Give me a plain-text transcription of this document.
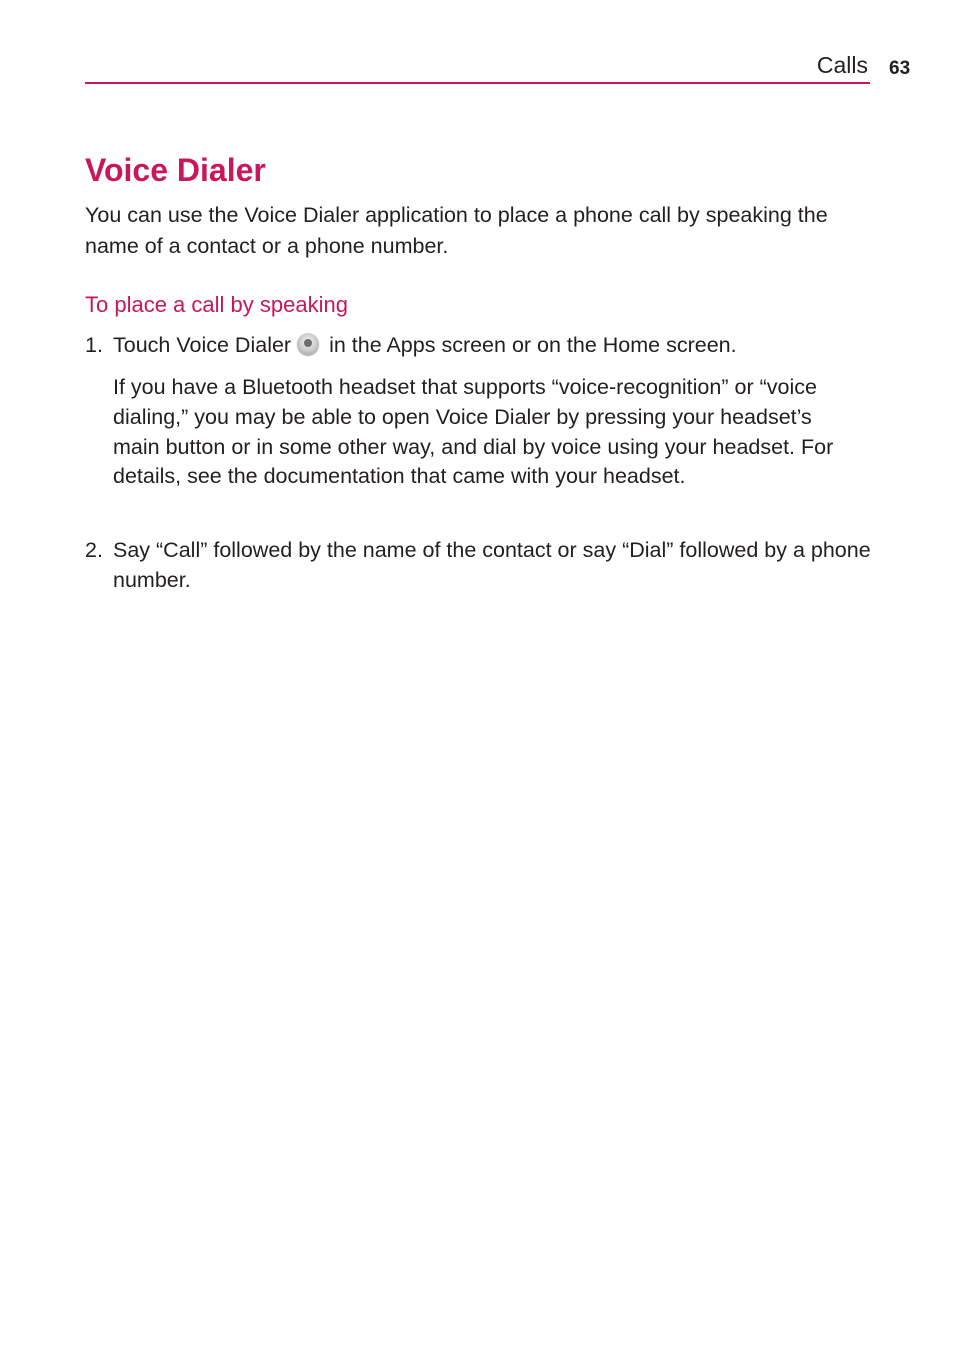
Calls 63
Voice Dialer

You can use the Voice Dialer application to place a phone call by speaking the name of a contact or a phone number.

To place a call by speaking
1. Touch Voice Dialer in the Apps screen or on the Home screen.

If you have a Bluetooth headset that supports “voice-recognition” or “voice dialing,” you may be able to open Voice Dialer by pressing your headset’s main button or in some other way, and dial by voice using your headset. For details, see the documentation that came with your headset.

2. Say “Call” followed by the name of the contact or say “Dial” followed by a phone number.
